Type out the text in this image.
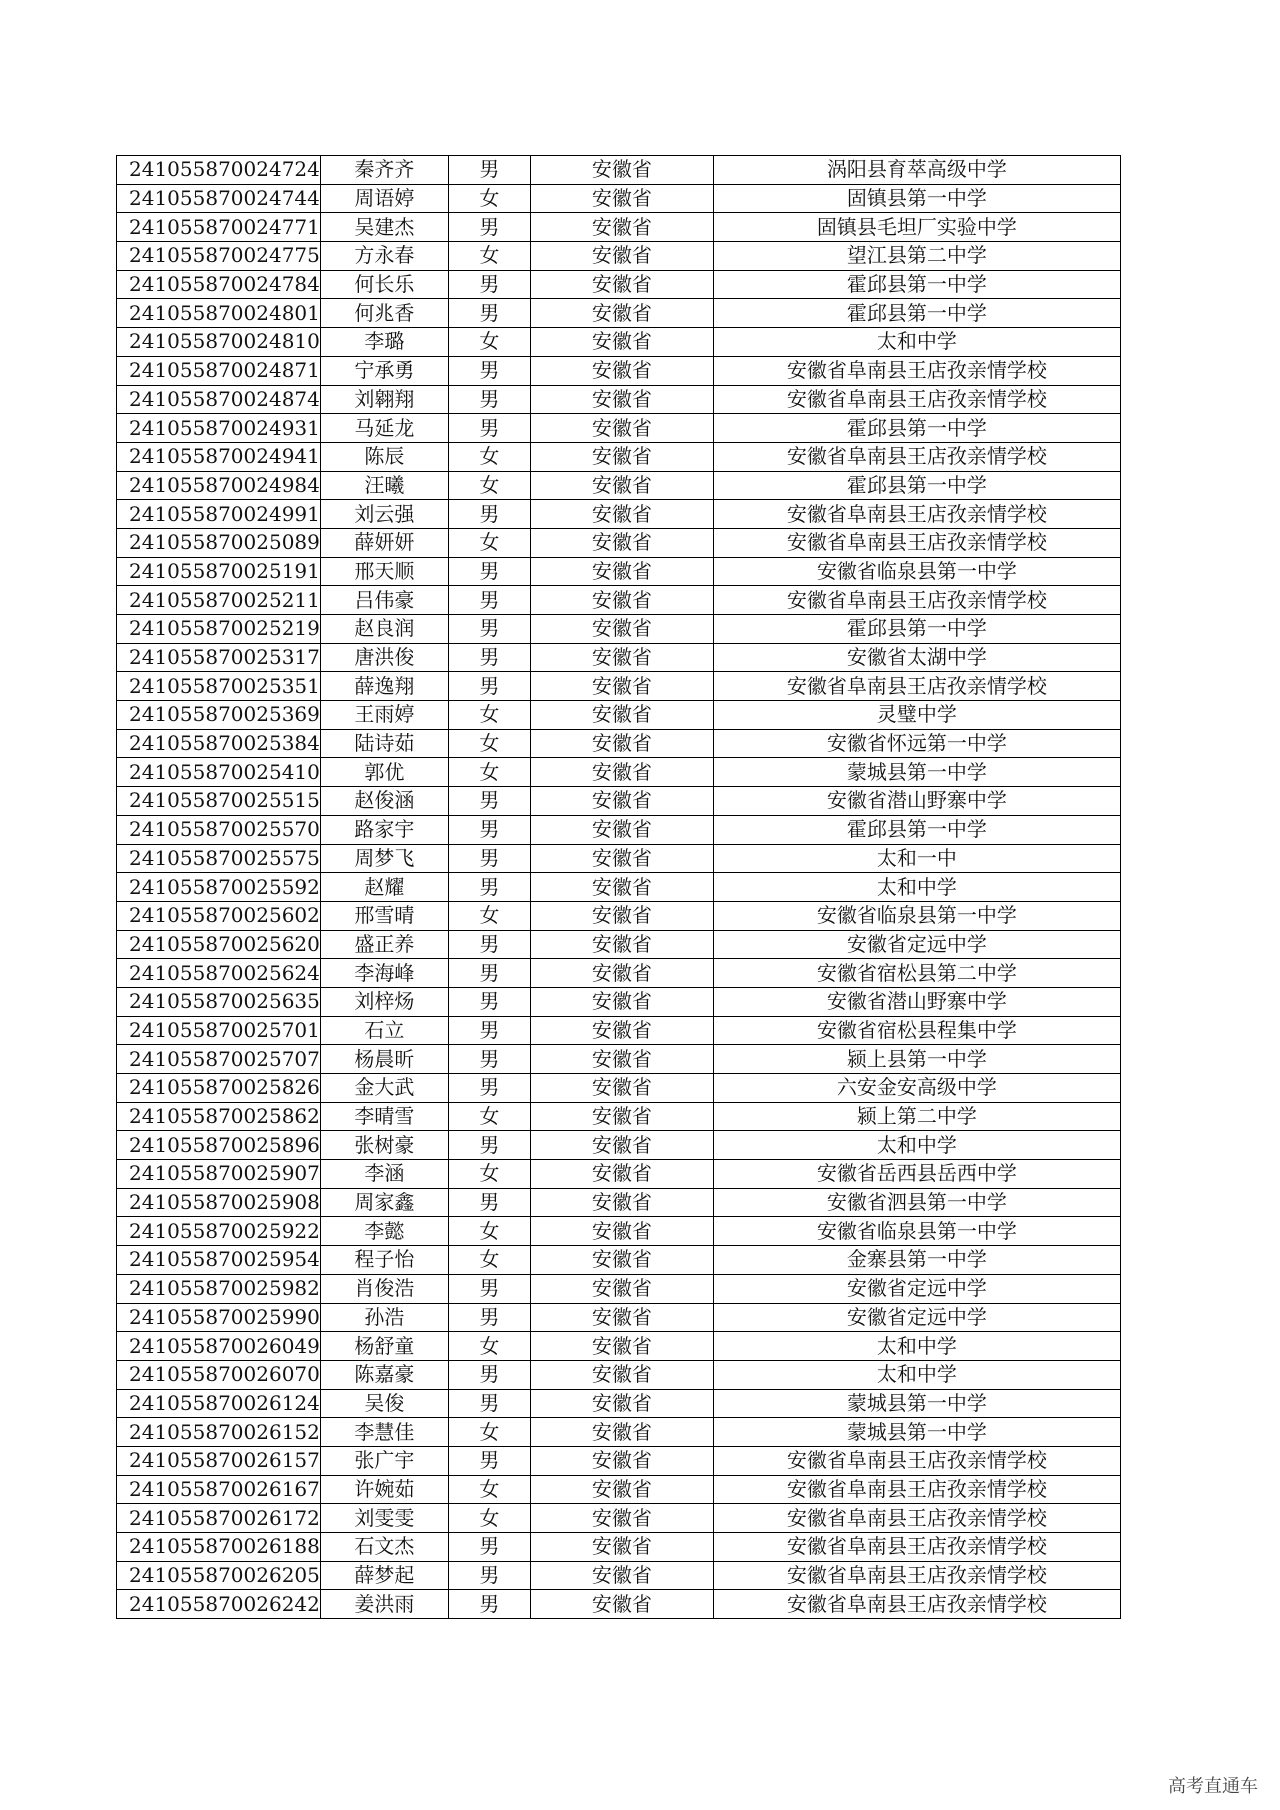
241055870024724	秦齐齐	男	安徽省	涡阳县育萃高级中学
241055870024744	周语婷	女	安徽省	固镇县第一中学
241055870024771	吴建杰	男	安徽省	固镇县毛坦厂实验中学
241055870024775	方永春	女	安徽省	望江县第二中学
241055870024784	何长乐	男	安徽省	霍邱县第一中学
241055870024801	何兆香	男	安徽省	霍邱县第一中学
241055870024810	李璐	女	安徽省	太和中学
241055870024871	宁承勇	男	安徽省	安徽省阜南县王店孜亲情学校
241055870024874	刘翱翔	男	安徽省	安徽省阜南县王店孜亲情学校
241055870024931	马延龙	男	安徽省	霍邱县第一中学
241055870024941	陈辰	女	安徽省	安徽省阜南县王店孜亲情学校
241055870024984	汪曦	女	安徽省	霍邱县第一中学
241055870024991	刘云强	男	安徽省	安徽省阜南县王店孜亲情学校
241055870025089	薛妍妍	女	安徽省	安徽省阜南县王店孜亲情学校
241055870025191	邢天顺	男	安徽省	安徽省临泉县第一中学
241055870025211	吕伟豪	男	安徽省	安徽省阜南县王店孜亲情学校
241055870025219	赵良润	男	安徽省	霍邱县第一中学
241055870025317	唐洪俊	男	安徽省	安徽省太湖中学
241055870025351	薛逸翔	男	安徽省	安徽省阜南县王店孜亲情学校
241055870025369	王雨婷	女	安徽省	灵璧中学
241055870025384	陆诗茹	女	安徽省	安徽省怀远第一中学
241055870025410	郭优	女	安徽省	蒙城县第一中学
241055870025515	赵俊涵	男	安徽省	安徽省潜山野寨中学
241055870025570	路家宇	男	安徽省	霍邱县第一中学
241055870025575	周梦飞	男	安徽省	太和一中
241055870025592	赵耀	男	安徽省	太和中学
241055870025602	邢雪晴	女	安徽省	安徽省临泉县第一中学
241055870025620	盛正养	男	安徽省	安徽省定远中学
241055870025624	李海峰	男	安徽省	安徽省宿松县第二中学
241055870025635	刘梓炀	男	安徽省	安徽省潜山野寨中学
241055870025701	石立	男	安徽省	安徽省宿松县程集中学
241055870025707	杨晨昕	男	安徽省	颍上县第一中学
241055870025826	金大武	男	安徽省	六安金安高级中学
241055870025862	李晴雪	女	安徽省	颍上第二中学
241055870025896	张树豪	男	安徽省	太和中学
241055870025907	李涵	女	安徽省	安徽省岳西县岳西中学
241055870025908	周家鑫	男	安徽省	安徽省泗县第一中学
241055870025922	李懿	女	安徽省	安徽省临泉县第一中学
241055870025954	程子怡	女	安徽省	金寨县第一中学
241055870025982	肖俊浩	男	安徽省	安徽省定远中学
241055870025990	孙浩	男	安徽省	安徽省定远中学
241055870026049	杨舒童	女	安徽省	太和中学
241055870026070	陈嘉豪	男	安徽省	太和中学
241055870026124	吴俊	男	安徽省	蒙城县第一中学
241055870026152	李慧佳	女	安徽省	蒙城县第一中学
241055870026157	张广宇	男	安徽省	安徽省阜南县王店孜亲情学校
241055870026167	许婉茹	女	安徽省	安徽省阜南县王店孜亲情学校
241055870026172	刘雯雯	女	安徽省	安徽省阜南县王店孜亲情学校
241055870026188	石文杰	男	安徽省	安徽省阜南县王店孜亲情学校
241055870026205	薛梦起	男	安徽省	安徽省阜南县王店孜亲情学校
241055870026242	姜洪雨	男	安徽省	安徽省阜南县王店孜亲情学校
高考直通车
